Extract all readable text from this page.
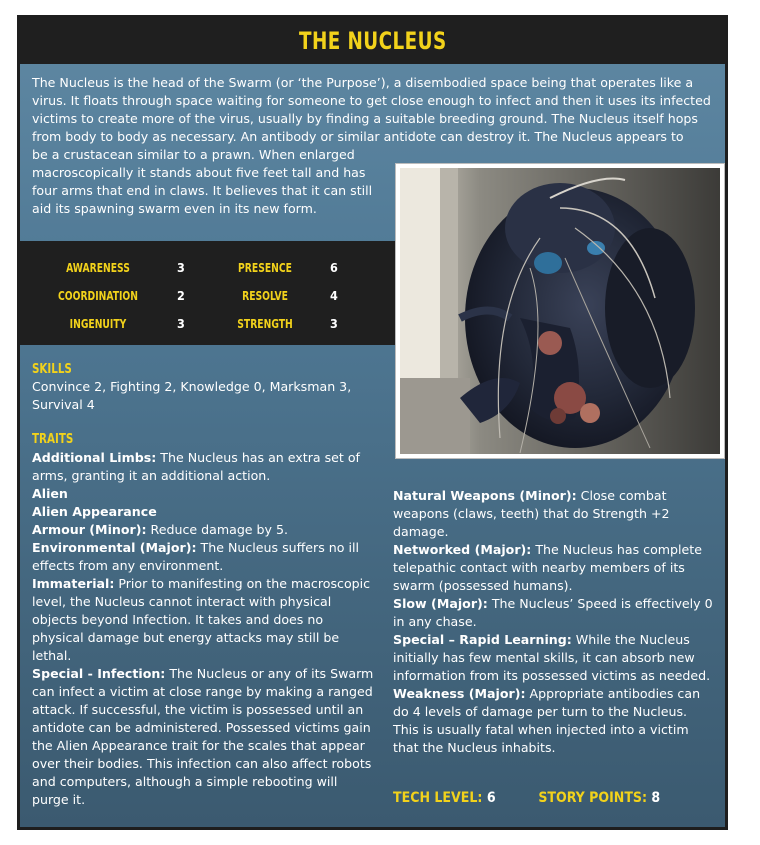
THE NUCLEUS
The Nucleus is the head of the Swarm (or ‘the Purpose’), a disembodied space being that operates like a virus. It floats through space waiting for someone to get close enough to infect and then it uses its infected victims to create more of the virus, usually by finding a suitable breeding ground. The Nucleus itself hops from body to body as necessary. An antibody or similar antidote can destroy it. The Nucleus appears to
be a crustacean similar to a prawn. When enlarged macroscopically it stands about five feet tall and has four arms that end in claws. It believes that it can still aid its spawning swarm even in its new form.
AWARENESS	3	PRESENCE	6
COORDINATION	2	RESOLVE	4
INGENUITY	3	STRENGTH	3
SKILLS
Convince 2, Fighting 2, Knowledge 0, Marksman 3, Survival 4
TRAITS

Additional Limbs: The Nucleus has an extra set of arms, granting it an additional action.

Alien

Alien Appearance

Armour (Minor): Reduce damage by 5.

Environmental (Major): The Nucleus suffers no ill effects from any environment.

Immaterial: Prior to manifesting on the macroscopic level, the Nucleus cannot interact with physical objects beyond Infection. It takes and does no physical damage but energy attacks may still be lethal.

Special - Infection: The Nucleus or any of its Swarm can infect a victim at close range by making a ranged attack. If successful, the victim is possessed until an antidote can be administered. Possessed victims gain the Alien Appearance trait for the scales that appear over their bodies. This infection can also affect robots and computers, although a simple rebooting will purge it.

Natural Weapons (Minor): Close combat weapons (claws, teeth) that do Strength +2 damage.

Networked (Major): The Nucleus has complete telepathic contact with nearby members of its swarm (possessed humans).

Slow (Major): The Nucleus’ Speed is effectively 0 in any chase.

Special – Rapid Learning: While the Nucleus initially has few mental skills, it can absorb new information from its possessed victims as needed.

Weakness (Major): Appropriate antibodies can do 4 levels of damage per turn to the Nucleus. This is usually fatal when injected into a victim that the Nucleus inhabits.

TECH LEVEL: 6	STORY POINTS: 8
